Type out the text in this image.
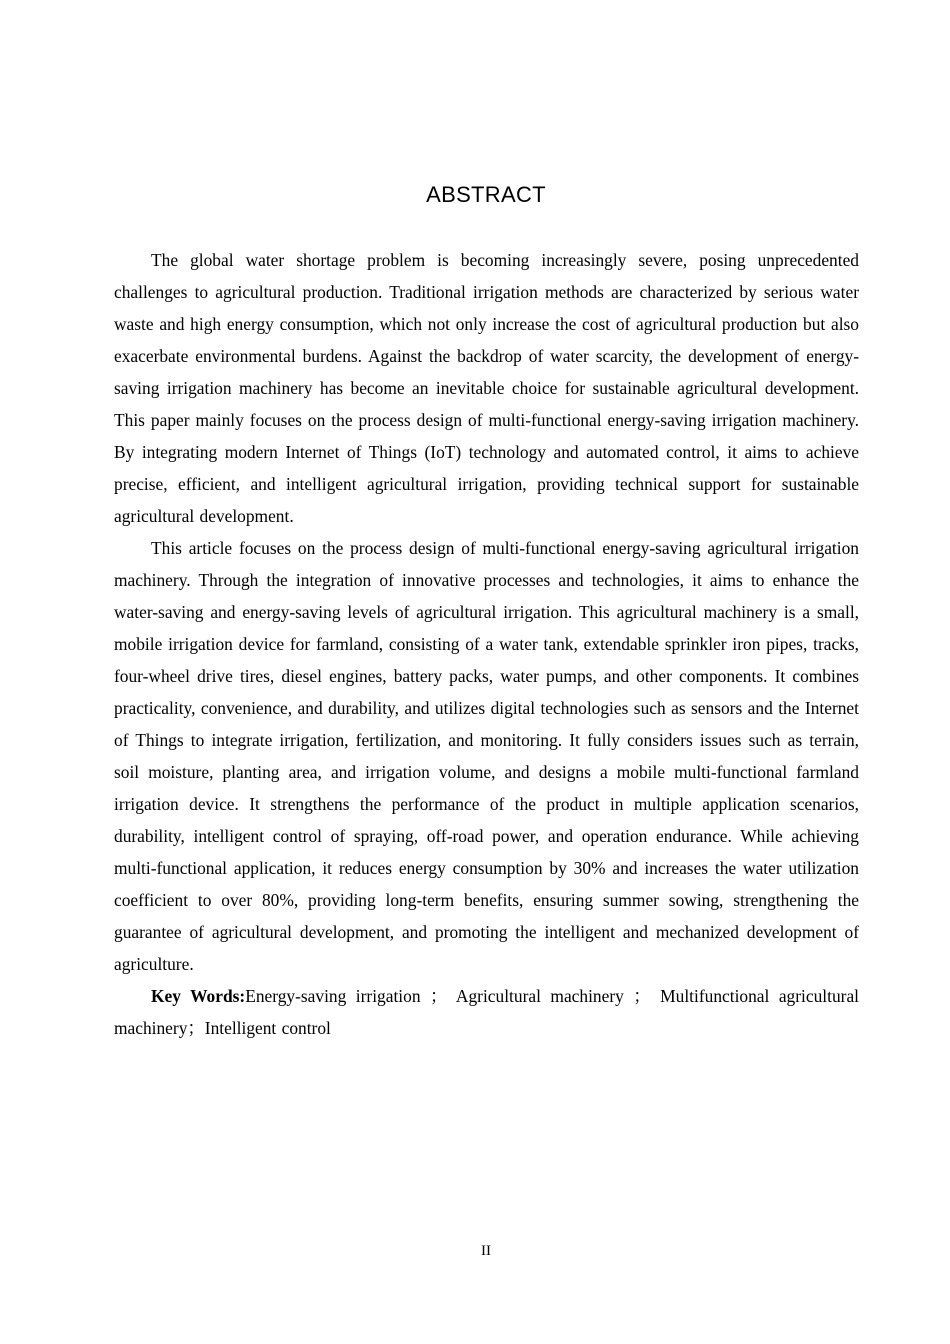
ABSTRACT

The global water shortage problem is becoming increasingly severe, posing unprecedented challenges to agricultural production. Traditional irrigation methods are characterized by serious water waste and high energy consumption, which not only increase the cost of agricultural production but also exacerbate environmental burdens. Against the backdrop of water scarcity, the development of energy-saving irrigation machinery has become an inevitable choice for sustainable agricultural development. This paper mainly focuses on the process design of multi-functional energy-saving irrigation machinery. By integrating modern Internet of Things (IoT) technology and automated control, it aims to achieve precise, efficient, and intelligent agricultural irrigation, providing technical support for sustainable agricultural development.

This article focuses on the process design of multi-functional energy-saving agricultural irrigation machinery. Through the integration of innovative processes and technologies, it aims to enhance the water-saving and energy-saving levels of agricultural irrigation. This agricultural machinery is a small, mobile irrigation device for farmland, consisting of a water tank, extendable sprinkler iron pipes, tracks, four-wheel drive tires, diesel engines, battery packs, water pumps, and other components. It combines practicality, convenience, and durability, and utilizes digital technologies such as sensors and the Internet of Things to integrate irrigation, fertilization, and monitoring. It fully considers issues such as terrain, soil moisture, planting area, and irrigation volume, and designs a mobile multi-functional farmland irrigation device. It strengthens the performance of the product in multiple application scenarios, durability, intelligent control of spraying, off-road power, and operation endurance. While achieving multi-functional application, it reduces energy consumption by 30% and increases the water utilization coefficient to over 80%, providing long-term benefits, ensuring summer sowing, strengthening the guarantee of agricultural development, and promoting the intelligent and mechanized development of agriculture.

Key Words:Energy-saving irrigation ； Agricultural machinery ； Multifunctional agricultural machinery；Intelligent control

II
